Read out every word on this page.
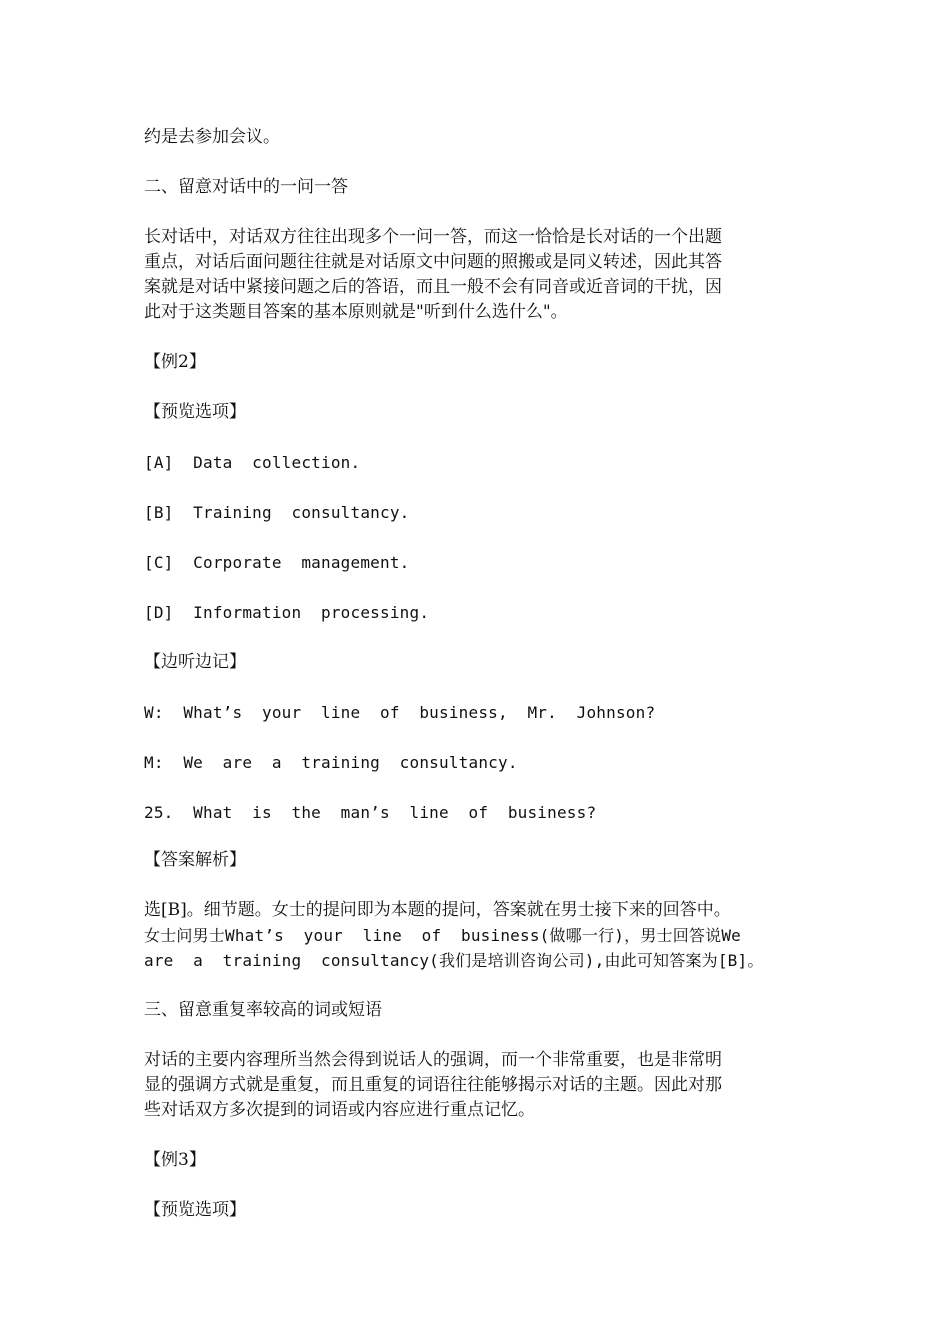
约是去参加会议。
二、留意对话中的一问一答
长对话中，对话双方往往出现多个一问一答，而这一恰恰是长对话的一个出题
重点，对话后面问题往往就是对话原文中问题的照搬或是同义转述，因此其答
案就是对话中紧接问题之后的答语，而且一般不会有同音或近音词的干扰，因
此对于这类题目答案的基本原则就是"听到什么选什么"。
【例2】
【预览选项】
[A]  Data  collection.
[B]  Training  consultancy.
[C]  Corporate  management.
[D]  Information  processing.
【边听边记】
W:  What’s  your  line  of  business,  Mr.  Johnson?
M:  We  are  a  training  consultancy.
25.  What  is  the  man’s  line  of  business?
【答案解析】
选[B]。细节题。女士的提问即为本题的提问，答案就在男士接下来的回答中。
女士问男士What’s  your  line  of  business(做哪一行)，男士回答说We
are  a  training  consultancy(我们是培训咨询公司),由此可知答案为[B]。
三、留意重复率较高的词或短语
对话的主要内容理所当然会得到说话人的强调，而一个非常重要，也是非常明
显的强调方式就是重复，而且重复的词语往往能够揭示对话的主题。因此对那
些对话双方多次提到的词语或内容应进行重点记忆。
【例3】
【预览选项】
